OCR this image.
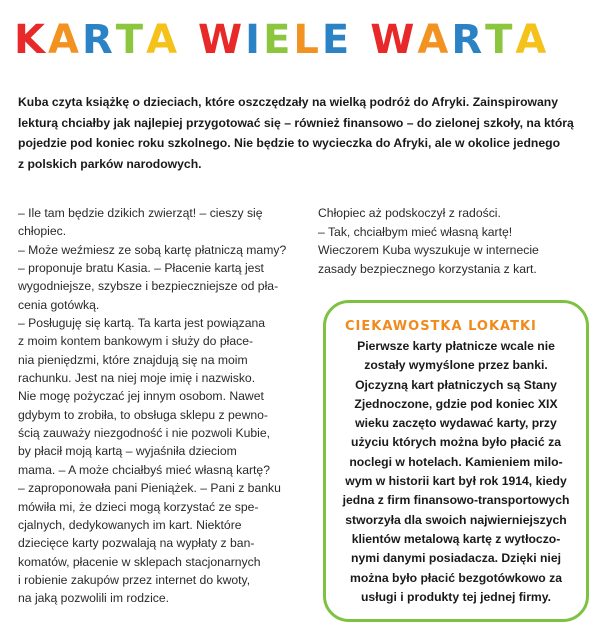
KARTA WIELE WARTA

Kuba czyta książkę o dzieciach, które oszczędzały na wielką podróż do Afryki. Zainspirowany

lekturą chciałby jak najlepiej przygotować się – również finansowo – do zielonej szkoły, na którą

pojedzie pod koniec roku szkolnego. Nie będzie to wycieczka do Afryki, ale w okolice jednego

z polskich parków narodowych.

– Ile tam będzie dzikich zwierząt! – cieszy się
chłopiec.
– Może weźmiesz ze sobą kartę płatniczą mamy?
– proponuje bratu Kasia. – Płacenie kartą jest
wygodniejsze, szybsze i bezpieczniejsze od pła-
cenia gotówką.
– Posługuję się kartą. Ta karta jest powiązana
z moim kontem bankowym i służy do płace-
nia pieniędzmi, które znajdują się na moim
rachunku. Jest na niej moje imię i nazwisko.
Nie mogę pożyczać jej innym osobom. Nawet
gdybym to zrobiła, to obsługa sklepu z pewno-
ścią zauważy niezgodność i nie pozwoli Kubie,
by płacił moją kartą – wyjaśniła dzieciom
mama. – A może chciałbyś mieć własną kartę?
– zaproponowała pani Pieniążek. – Pani z banku
mówiła mi, że dzieci mogą korzystać ze spe-
cjalnych, dedykowanych im kart. Niektóre
dziecięce karty pozwalają na wypłaty z ban-
komatów, płacenie w sklepach stacjonarnych
i robienie zakupów przez internet do kwoty,
na jaką pozwolili im rodzice.
Chłopiec aż podskoczył z radości.
– Tak, chciałbym mieć własną kartę!
Wieczorem Kuba wyszukuje w internecie
zasady bezpiecznego korzystania z kart.
CIEKAWOSTKA LOKATKI
Pierwsze karty płatnicze wcale nie
zostały wymyślone przez banki.
Ojczyzną kart płatniczych są Stany
Zjednoczone, gdzie pod koniec XIX
wieku zaczęto wydawać karty, przy
użyciu których można było płacić za
noclegi w hotelach. Kamieniem milo-
wym w historii kart był rok 1914, kiedy
jedna z firm finansowo-transportowych
stworzyła dla swoich najwierniejszych
klientów metalową kartę z wytłoczo-
nymi danymi posiadacza. Dzięki niej
można było płacić bezgotówkowo za
usługi i produkty tej jednej firmy.
